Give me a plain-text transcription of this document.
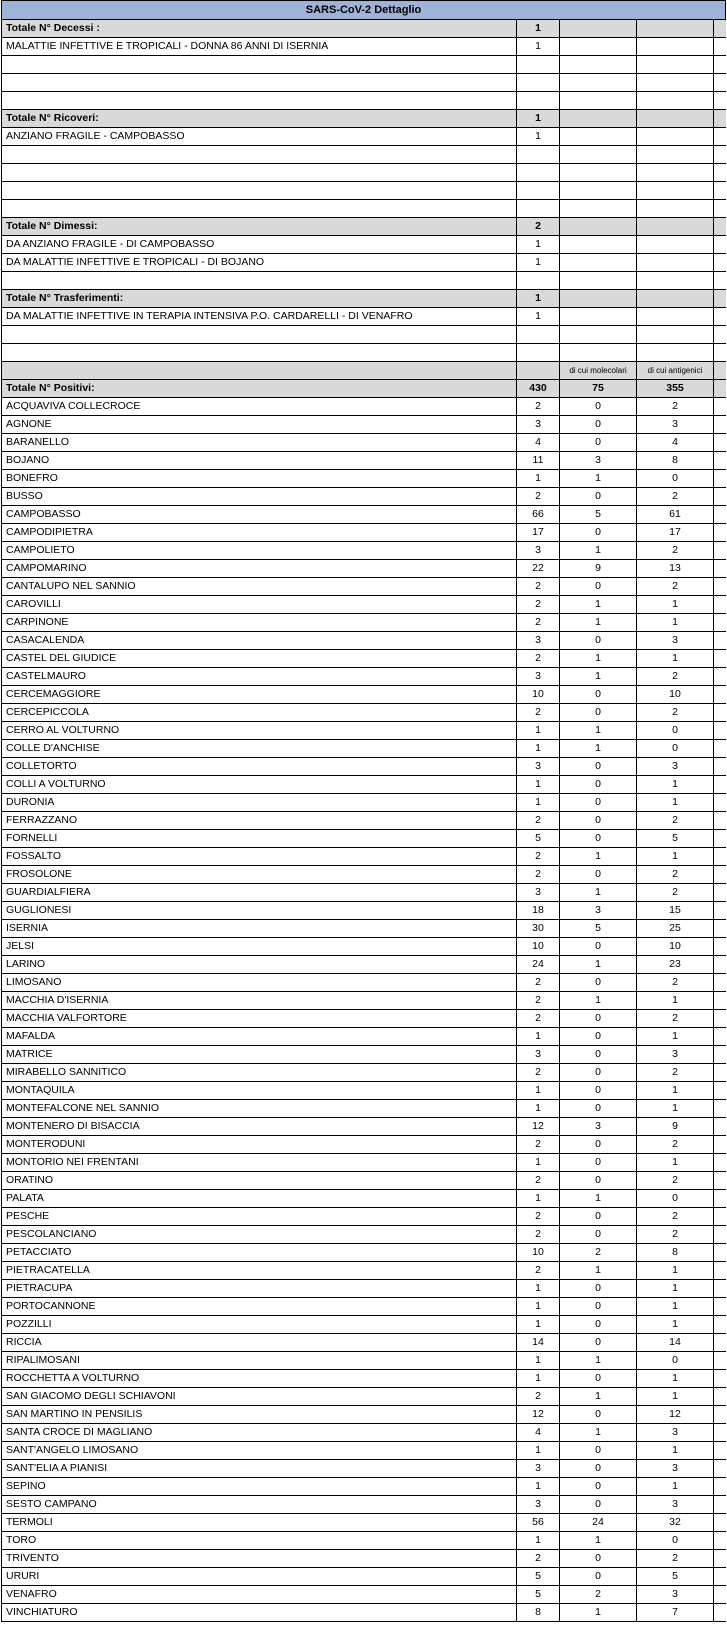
SARS-CoV-2 Dettaglio				
Totale N° Decessi :	1			
MALATTIE INFETTIVE E TROPICALI - DONNA 86 ANNI DI ISERNIA	1			

Totale N° Ricoveri:	1			
ANZIANO FRAGILE - CAMPOBASSO	1			

Totale N° Dimessi:	2			
DA ANZIANO FRAGILE - DI CAMPOBASSO	1			
DA MALATTIE INFETTIVE E TROPICALI - DI BOJANO	1			

Totale N° Trasferimenti:	1			
DA MALATTIE INFETTIVE IN TERAPIA INTENSIVA P.O. CARDARELLI - DI VENAFRO	1			

		di cui molecolari	di cui antigenici	
Totale N° Positivi:	430	75	355	
ACQUAVIVA COLLECROCE	2	0	2	
AGNONE	3	0	3	
BARANELLO	4	0	4	
BOJANO	11	3	8	
BONEFRO	1	1	0	
BUSSO	2	0	2	
CAMPOBASSO	66	5	61	
CAMPODIPIETRA	17	0	17	
CAMPOLIETO	3	1	2	
CAMPOMARINO	22	9	13	
CANTALUPO NEL SANNIO	2	0	2	
CAROVILLI	2	1	1	
CARPINONE	2	1	1	
CASACALENDA	3	0	3	
CASTEL DEL GIUDICE	2	1	1	
CASTELMAURO	3	1	2	
CERCEMAGGIORE	10	0	10	
CERCEPICCOLA	2	0	2	
CERRO AL VOLTURNO	1	1	0	
COLLE D'ANCHISE	1	1	0	
COLLETORTO	3	0	3	
COLLI A VOLTURNO	1	0	1	
DURONIA	1	0	1	
FERRAZZANO	2	0	2	
FORNELLI	5	0	5	
FOSSALTO	2	1	1	
FROSOLONE	2	0	2	
GUARDIALFIERA	3	1	2	
GUGLIONESI	18	3	15	
ISERNIA	30	5	25	
JELSI	10	0	10	
LARINO	24	1	23	
LIMOSANO	2	0	2	
MACCHIA D'ISERNIA	2	1	1	
MACCHIA VALFORTORE	2	0	2	
MAFALDA	1	0	1	
MATRICE	3	0	3	
MIRABELLO SANNITICO	2	0	2	
MONTAQUILA	1	0	1	
MONTEFALCONE NEL SANNIO	1	0	1	
MONTENERO DI BISACCIA	12	3	9	
MONTERODUNI	2	0	2	
MONTORIO NEI FRENTANI	1	0	1	
ORATINO	2	0	2	
PALATA	1	1	0	
PESCHE	2	0	2	
PESCOLANCIANO	2	0	2	
PETACCIATO	10	2	8	
PIETRACATELLA	2	1	1	
PIETRACUPA	1	0	1	
PORTOCANNONE	1	0	1	
POZZILLI	1	0	1	
RICCIA	14	0	14	
RIPALIMOSANI	1	1	0	
ROCCHETTA A VOLTURNO	1	0	1	
SAN GIACOMO DEGLI SCHIAVONI	2	1	1	
SAN MARTINO IN PENSILIS	12	0	12	
SANTA CROCE DI MAGLIANO	4	1	3	
SANT'ANGELO LIMOSANO	1	0	1	
SANT'ELIA A PIANISI	3	0	3	
SEPINO	1	0	1	
SESTO CAMPANO	3	0	3	
TERMOLI	56	24	32	
TORO	1	1	0	
TRIVENTO	2	0	2	
URURI	5	0	5	
VENAFRO	5	2	3	
VINCHIATURO	8	1	7	
